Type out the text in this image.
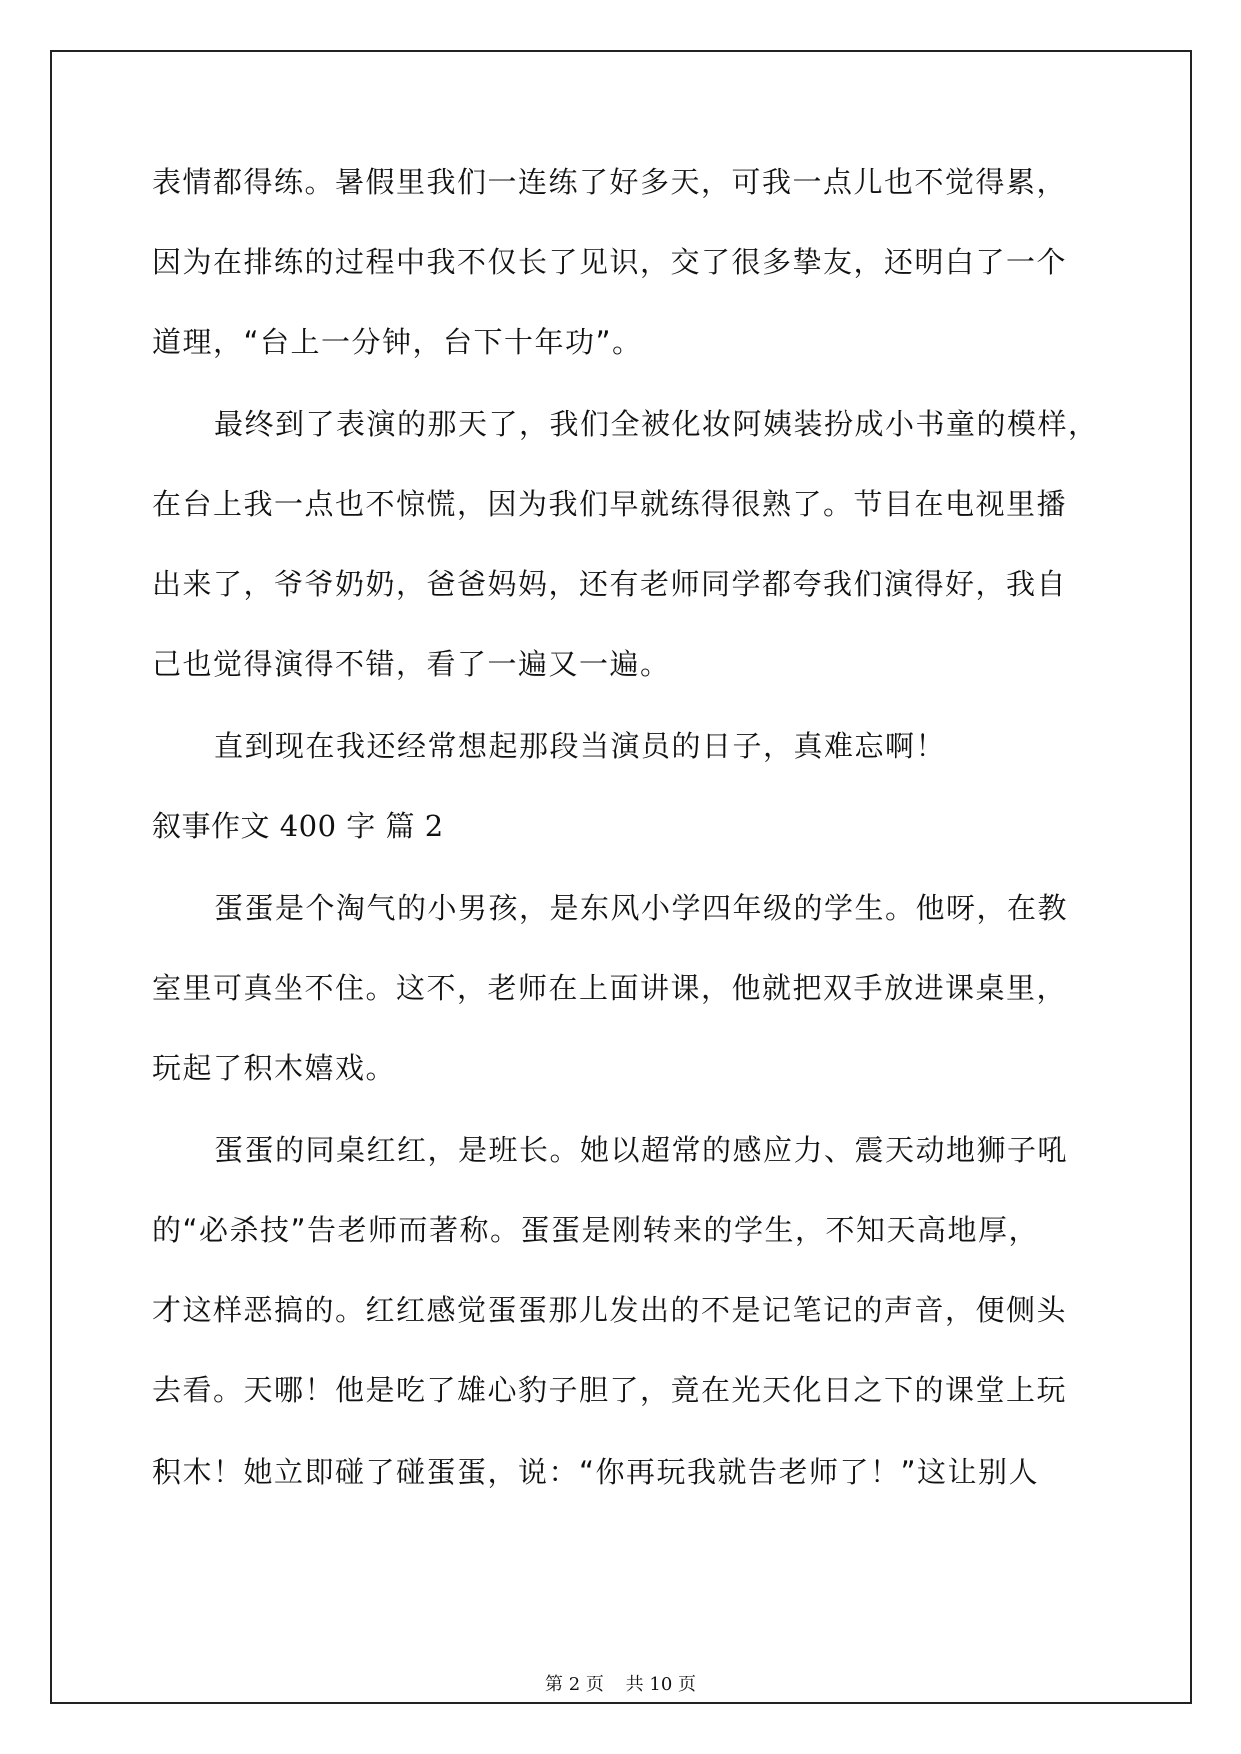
表情都得练。暑假里我们一连练了好多天，可我一点儿也不觉得累，
因为在排练的过程中我不仅长了见识，交了很多挚友，还明白了一个
道理，“台上一分钟，台下十年功”。
最终到了表演的那天了，我们全被化妆阿姨装扮成小书童的模样，
在台上我一点也不惊慌，因为我们早就练得很熟了。节目在电视里播
出来了，爷爷奶奶，爸爸妈妈，还有老师同学都夸我们演得好，我自
己也觉得演得不错，看了一遍又一遍。
直到现在我还经常想起那段当演员的日子，真难忘啊！
叙事作文 400 字 篇 2
蛋蛋是个淘气的小男孩，是东风小学四年级的学生。他呀，在教
室里可真坐不住。这不，老师在上面讲课，他就把双手放进课桌里，
玩起了积木嬉戏。
蛋蛋的同桌红红，是班长。她以超常的感应力、震天动地狮子吼
的“必杀技”告老师而著称。蛋蛋是刚转来的学生，不知天高地厚，
才这样恶搞的。红红感觉蛋蛋那儿发出的不是记笔记的声音，便侧头
去看。天哪！他是吃了雄心豹子胆了，竟在光天化日之下的课堂上玩
积木！她立即碰了碰蛋蛋，说：“你再玩我就告老师了！”这让别人
第 2 页 共 10 页
